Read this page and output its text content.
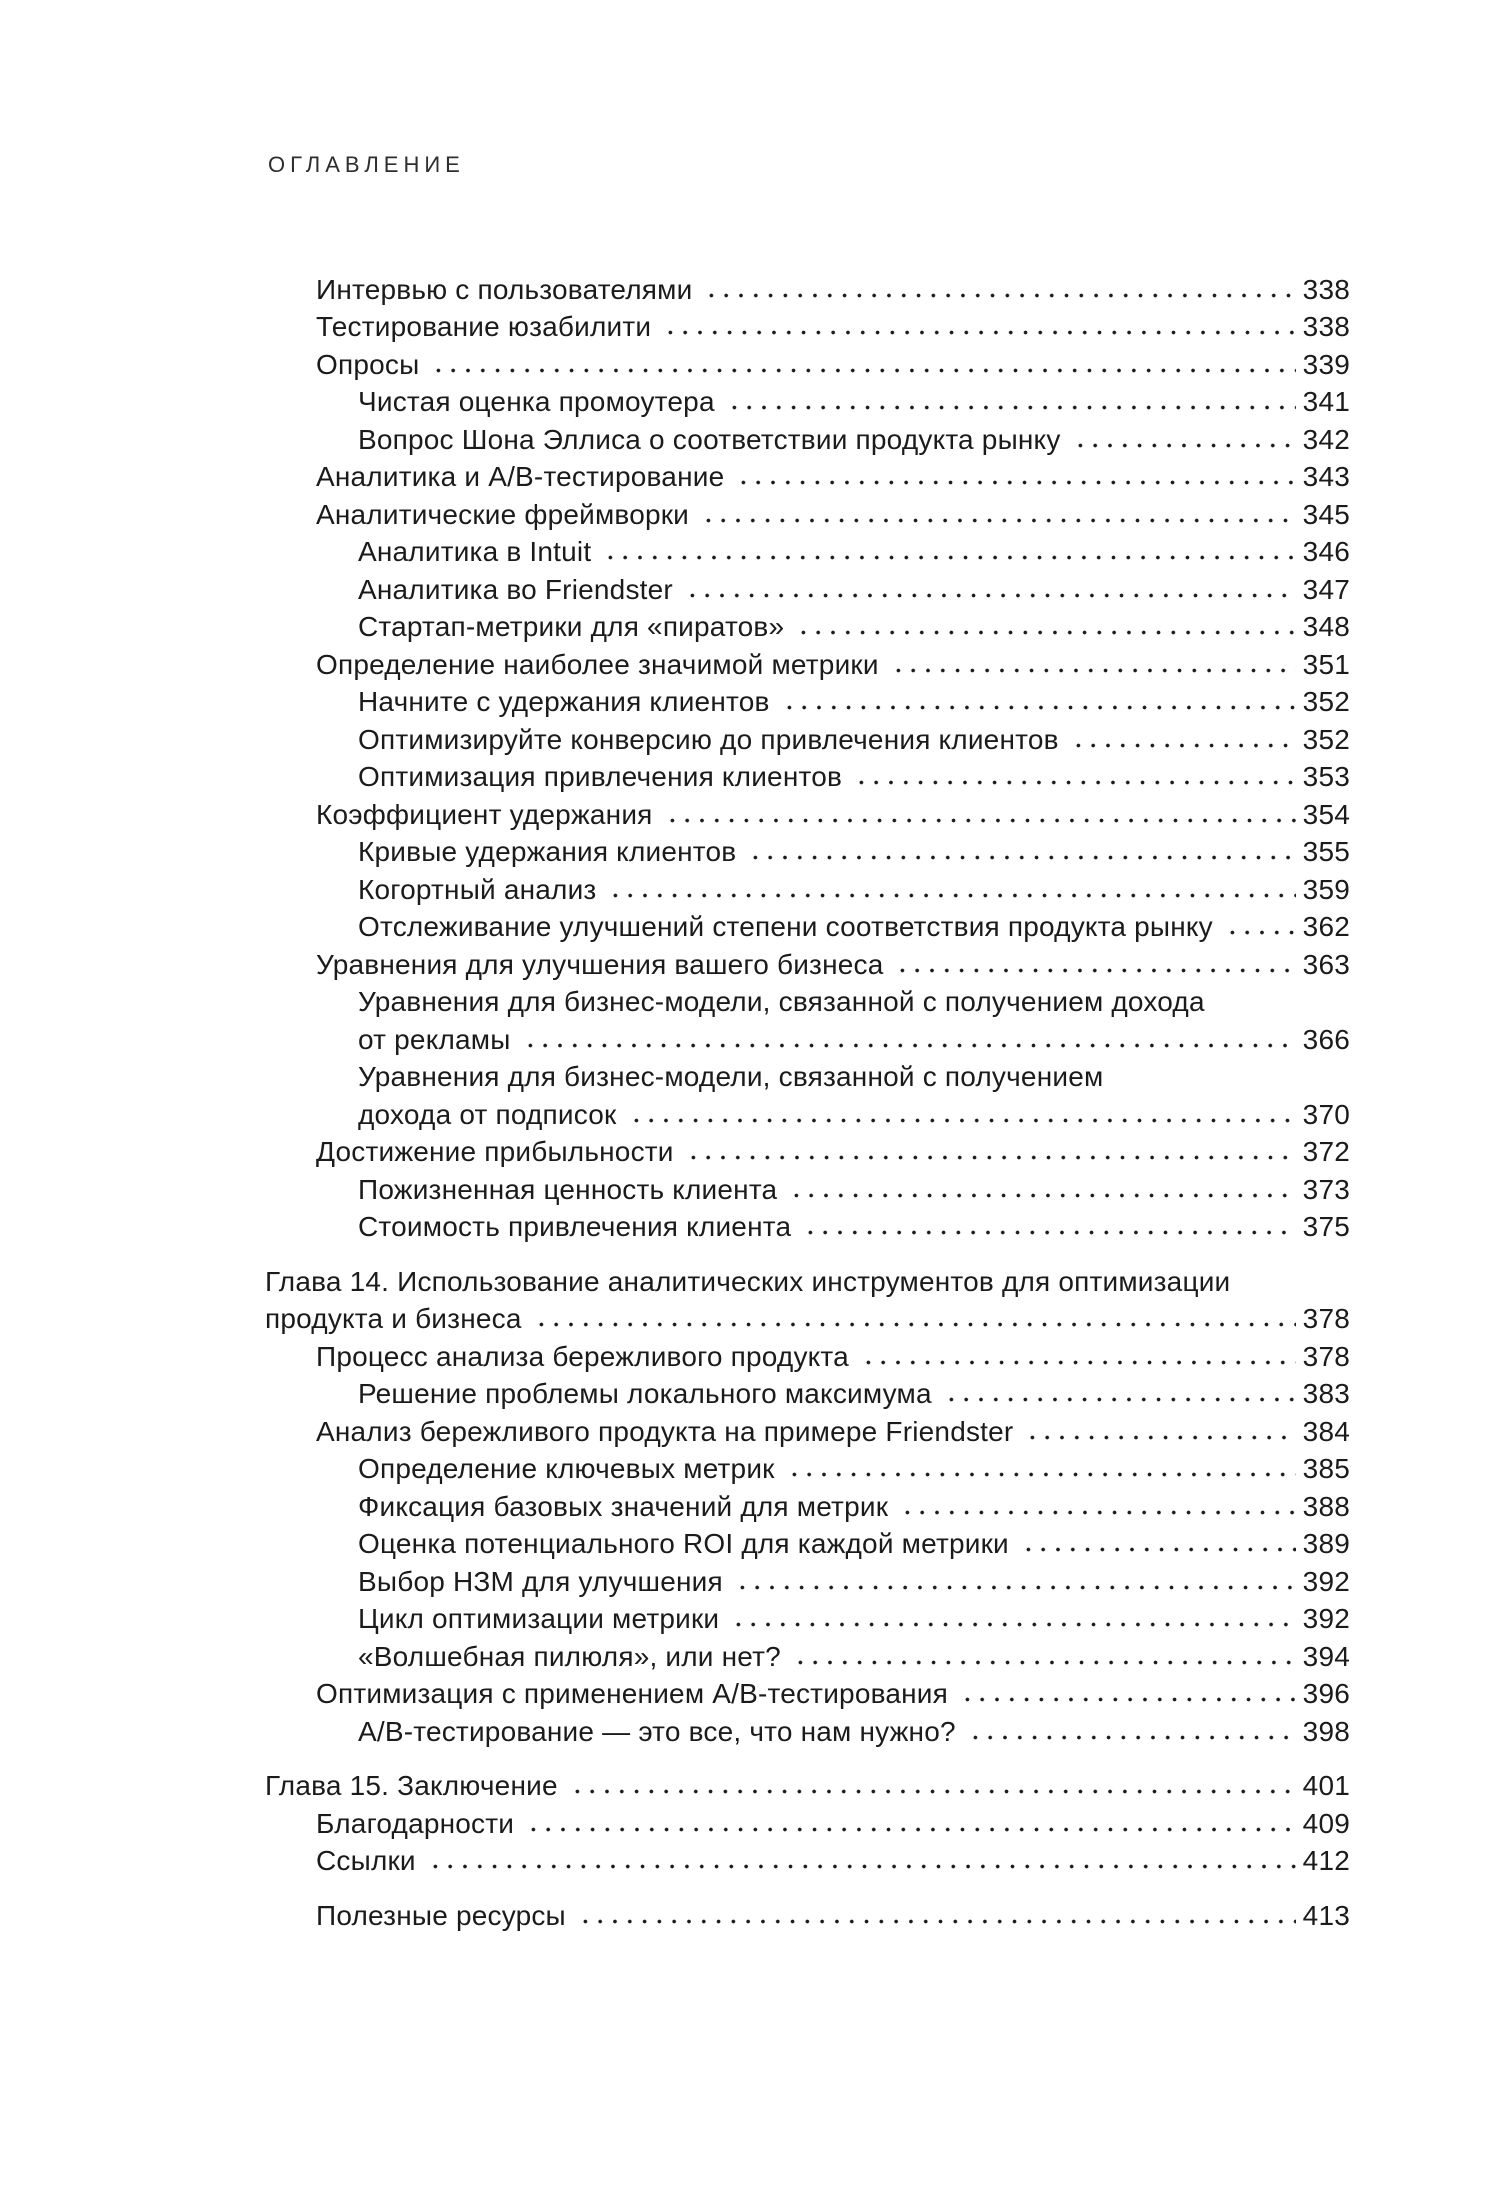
ОГЛАВЛЕНИЕ
Интервью с пользователями	338
Тестирование юзабилити	338
Опросы	339
Чистая оценка промоутера	341
Вопрос Шона Эллиса о соответствии продукта рынку	342
Аналитика и A/B-тестирование	343
Аналитические фреймворки	345
Аналитика в Intuit	346
Аналитика во Friendster	347
Стартап-метрики для «пиратов»	348
Определение наиболее значимой метрики	351
Начните с удержания клиентов	352
Оптимизируйте конверсию до привлечения клиентов	352
Оптимизация привлечения клиентов	353
Коэффициент удержания	354
Кривые удержания клиентов	355
Когортный анализ	359
Отслеживание улучшений степени соответствия продукта рынку	362
Уравнения для улучшения вашего бизнеса	363
Уравнения для бизнес-модели, связанной с получением дохода
от рекламы	366
Уравнения для бизнес-модели, связанной с получением
дохода от подписок	370
Достижение прибыльности	372
Пожизненная ценность клиента	373
Стоимость привлечения клиента	375
Глава 14. Использование аналитических инструментов для оптимизации
продукта и бизнеса	378
Процесс анализа бережливого продукта	378
Решение проблемы локального максимума	383
Анализ бережливого продукта на примере Friendster	384
Определение ключевых метрик	385
Фиксация базовых значений для метрик	388
Оценка потенциального ROI для каждой метрики	389
Выбор НЗМ для улучшения	392
Цикл оптимизации метрики	392
«Волшебная пилюля», или нет?	394
Оптимизация с применением A/B-тестирования	396
A/B-тестирование — это все, что нам нужно?	398
Глава 15. Заключение	401
Благодарности	409
Ссылки	412
Полезные ресурсы	413
